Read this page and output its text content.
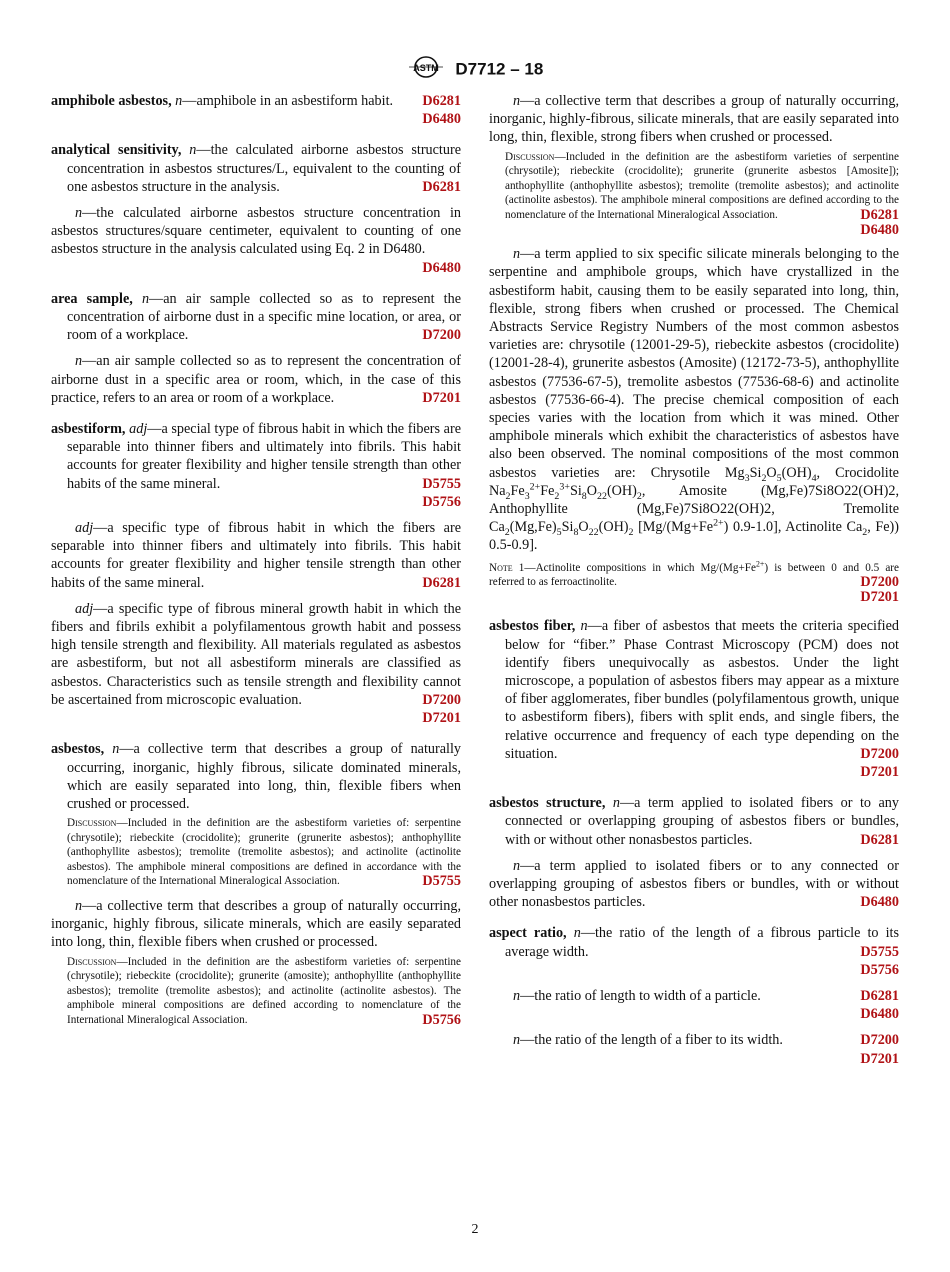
ASTM D7712 – 18
amphibole asbestos, n—amphibole in an asbestiform habit. D6281
D6480

analytical sensitivity, n—the calculated airborne asbestos structure concentration in asbestos structures/L, equivalent to the counting of one asbestos structure in the analysis.	D6281

n—the calculated airborne asbestos structure concentration in asbestos structures/square centimeter, equivalent to counting of one asbestos structure in the analysis calculated using Eq. 2 in D6480.
D6480

area sample, n—an air sample collected so as to represent the concentration of airborne dust in a specific mine location, or area, or room of a workplace.	D7200

n—an air sample collected so as to represent the concentration of airborne dust in a specific area or room, which, in the case of this practice, refers to an area or room of a workplace.	D7201

asbestiform, adj—a special type of fibrous habit in which the fibers are separable into thinner fibers and ultimately into fibrils. This habit accounts for greater flexibility and higher tensile strength than other habits of the same mineral.	D5755
D5756

adj—a specific type of fibrous habit in which the fibers are separable into thinner fibers and ultimately into fibrils. This habit accounts for greater flexibility and higher tensile strength than other habits of the same mineral.	D6281

adj—a specific type of fibrous mineral growth habit in which the fibers and fibrils exhibit a polyfilamentous growth habit and possess high tensile strength and flexibility. All materials regulated as asbestos are asbestiform, but not all asbestiform minerals are classified as asbestos. Characteristics such as tensile strength and flexibility cannot be ascertained from microscopic evaluation.	D7200
D7201

asbestos, n—a collective term that describes a group of naturally occurring, inorganic, highly fibrous, silicate dominated minerals, which are easily separated into long, thin, flexible fibers when crushed or processed.

Discussion—Included in the definition are the asbestiform varieties of: serpentine (chrysotile); riebeckite (crocidolite); grunerite (grunerite asbestos); anthophyllite (anthophyllite asbestos); tremolite (tremolite asbestos); and actinolite (actinolite asbestos). The amphibole mineral compositions are defined in accordance with the nomenclature of the International Mineralogical Association.	D5755

n—a collective term that describes a group of naturally occurring, inorganic, highly fibrous, silicate minerals, which are easily separated into long, thin, flexible fibers when crushed or processed.

Discussion—Included in the definition are the asbestiform varieties of: serpentine (chrysotile); riebeckite (crocidolite); grunerite (amosite); anthophyllite (anthophyllite asbestos); tremolite (tremolite asbestos); and actinolite (actinolite asbestos). The amphibole mineral compositions are defined according to nomenclature of the International Mineralogical Association.	D5756

n—a collective term that describes a group of naturally occurring, inorganic, highly-fibrous, silicate minerals, that are easily separated into long, thin, flexible, strong fibers when crushed or processed.

Discussion—Included in the definition are the asbestiform varieties of serpentine (chrysotile); riebeckite (crocidolite); grunerite (grunerite asbestos [Amosite]); anthophyllite (anthophyllite asbestos); tremolite (tremolite asbestos); and actinolite (actinolite asbestos). The amphibole mineral compositions are defined according to the nomenclature of the International Mineralogical Association.	D6281
D6480

n—a term applied to six specific silicate minerals belonging to the serpentine and amphibole groups, which have crystallized in the asbestiform habit, causing them to be easily separated into long, thin, flexible, strong fibers when crushed or processed. The Chemical Abstracts Service Registry Numbers of the most common asbestos varieties are: chrysotile (12001-29-5), riebeckite asbestos (crocidolite) (12001-28-4), grunerite asbestos (Amosite) (12172-73-5), anthophyllite asbestos (77536-67-5), tremolite asbestos (77536-68-6) and actinolite asbestos (77536-66-4). The precise chemical composition of each species varies with the location from which it was mined. Other amphibole minerals which exhibit the characteristics of asbestos have also been observed. The nominal compositions of the most common asbestos varieties are: Chrysotile $Mg_3Si_2O_5(OH)_4$, Crocidolite $Na_2Fe_3^{2+}Fe_2^{3+}Si_8O_{22}(OH)_2$, Amosite (Mg,Fe)7Si8O22(OH)2, Anthophyllite (Mg,Fe)7Si8O22(OH)2, Tremolite $Ca_2(Mg,Fe)_5Si_8O_{22}(OH)_2$ [$Mg/(Mg+Fe^{2+})$ 0.9-1.0], Actinolite $Ca_2$, Fe)) 0.5-0.9].

Note 1—Actinolite compositions in which $Mg/(Mg+Fe^{2+})$ is between 0 and 0.5 are referred to as ferroactinolite.	D7200
D7201

asbestos fiber, n—a fiber of asbestos that meets the criteria specified below for “fiber.” Phase Contrast Microscopy (PCM) does not identify fibers unequivocally as asbestos. Under the light microscope, a population of asbestos fibers may appear as a mixture of fiber agglomerates, fiber bundles (polyfilamentous growth, unique to asbestiform fibers), fibers with split ends, and single fibers, the relative occurrence and frequency of each type depending on the situation.	D7200
D7201

asbestos structure, n—a term applied to isolated fibers or to any connected or overlapping grouping of asbestos fibers or bundles, with or without other nonasbestos particles.	D6281

n—a term applied to isolated fibers or to any connected or overlapping grouping of asbestos fibers or bundles, with or without other nonasbestos particles.	D6480

aspect ratio, n—the ratio of the length of a fibrous particle to its average width.	D5755
D5756

n—the ratio of length to width of a particle.	D6281
D6480

n—the ratio of the length of a fiber to its width.	D7200
D7201

2
